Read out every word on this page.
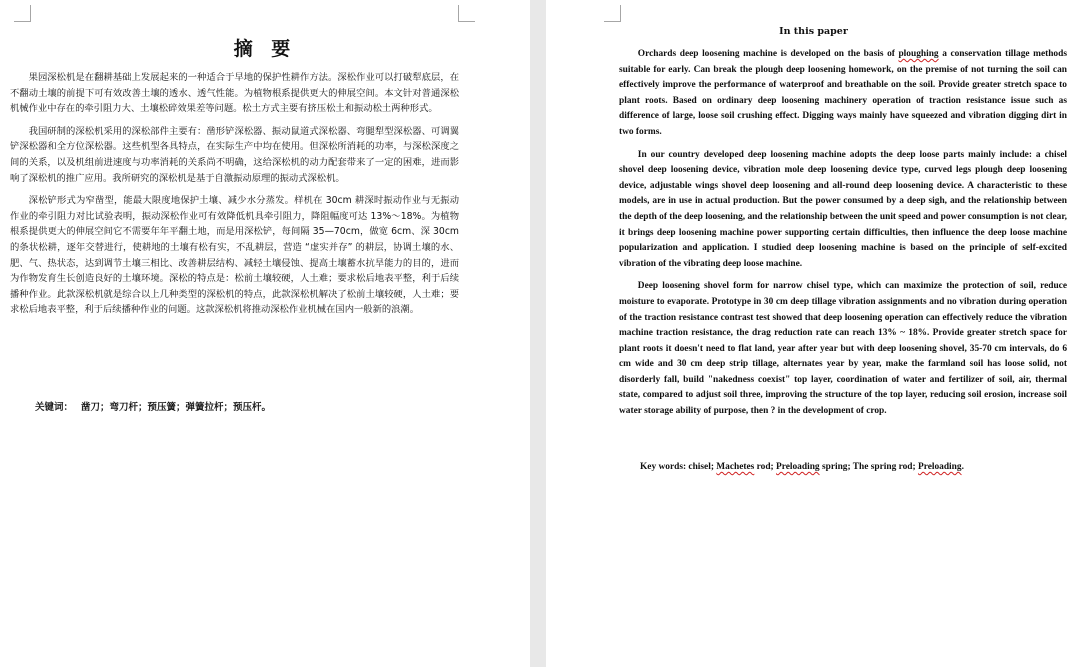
摘 要

果园深松机是在翻耕基础上发展起来的一种适合于早地的保护性耕作方法。深松作业可以打破犁底层，在不翻动土壤的前提下可有效改善土壤的透水、透气性能。为植物根系提供更大的伸展空间。本文针对普通深松机械作业中存在的牵引阻力大、土壤松碎效果差等问题。松土方式主要有挤压松土和振动松土两种形式。

我国研制的深松机采用的深松部件主要有：凿形铲深松器、振动鼠道式深松器、弯腿犁型深松器、可调翼铲深松器和全方位深松器。这些机型各具特点，在实际生产中均在使用。但深松所消耗的功率，与深松深度之间的关系，以及机组前进速度与功率消耗的关系尚不明确，这给深松机的动力配套带来了一定的困难，进而影响了深松机的推广应用。我所研究的深松机是基于自激振动原理的振动式深松机。

深松铲形式为窄凿型，能最大限度地保护土壤、减少水分蒸发。样机在 30cm 耕深时振动作业与无振动作业的牵引阻力对比试验表明，振动深松作业可有效降低机具牵引阻力，降阻幅度可达 13%～18%。为植物根系提供更大的伸展空间它不需要年年平翻土地，而是用深松铲，每间隔 35—70cm，做宽 6cm、深 30cm的条状松耕，逐年交替进行，使耕地的土壤有松有实，不乱耕层，营造 “虚实并存” 的耕层，协调土壤的水、肥、气、热状态，达到调节土壤三相比、改善耕层结构、减轻土壤侵蚀、提高土壤蓄水抗旱能力的目的，进而为作物发育生长创造良好的土壤环境。深松的特点是：松前土壤较硬，人土难；要求松后地表平整，利于后续播种作业。此款深松机就是综合以上几种类型的深松机的特点，此款深松机解决了松前土壤较硬，人土难；要求松后地表平整，利于后续播种作业的问题。这款深松机将推动深松作业机械在国内一般新的浪潮。

关键词： 凿刀；弯刀杆；预压簧；弹簧拉杆；预压杆。
In this paper

Orchards deep loosening machine is developed on the basis of ploughing a conservation tillage methods suitable for early. Can break the plough deep loosening homework, on the premise of not turning the soil can effectively improve the performance of waterproof and breathable on the soil. Provide greater stretch space to plant roots. Based on ordinary deep loosening machinery operation of traction resistance issue such as difference of large, loose soil crushing effect. Digging ways mainly have squeezed and vibration digging dirt in two forms.

In our country developed deep loosening machine adopts the deep loose parts mainly include: a chisel shovel deep loosening device, vibration mole deep loosening device type, curved legs plough deep loosening device, adjustable wings shovel deep loosening and all-round deep loosening device. A characteristic to these models, are in use in actual production. But the power consumed by a deep sigh, and the relationship between the depth of the deep loosening, and the relationship between the unit speed and power consumption is not clear, it brings deep loosening machine power supporting certain difficulties, then influence the deep loose machine popularization and application. I studied deep loosening machine is based on the principle of self-excited vibration of the vibrating deep loose machine.

Deep loosening shovel form for narrow chisel type, which can maximize the protection of soil, reduce moisture to evaporate. Prototype in 30 cm deep tillage vibration assignments and no vibration during operation of the traction resistance contrast test showed that deep loosening operation can effectively reduce the vibration machine traction resistance, the drag reduction rate can reach 13% ~ 18%. Provide greater stretch space for plant roots it doesn't need to flat land, year after year but with deep loosening shovel, 35-70 cm intervals, do 6 cm wide and 30 cm deep strip tillage, alternates year by year, make the farmland soil has loose solid, not disorderly fall, build "nakedness coexist" top layer, coordination of water and fertilizer of soil, air, thermal state, compared to adjust soil three, improving the structure of the top layer, reducing soil erosion, increase soil water storage ability of purpose, then ? in the development of crop.

Key words: chisel; Machetes rod; Preloading spring; The spring rod; Preloading.
